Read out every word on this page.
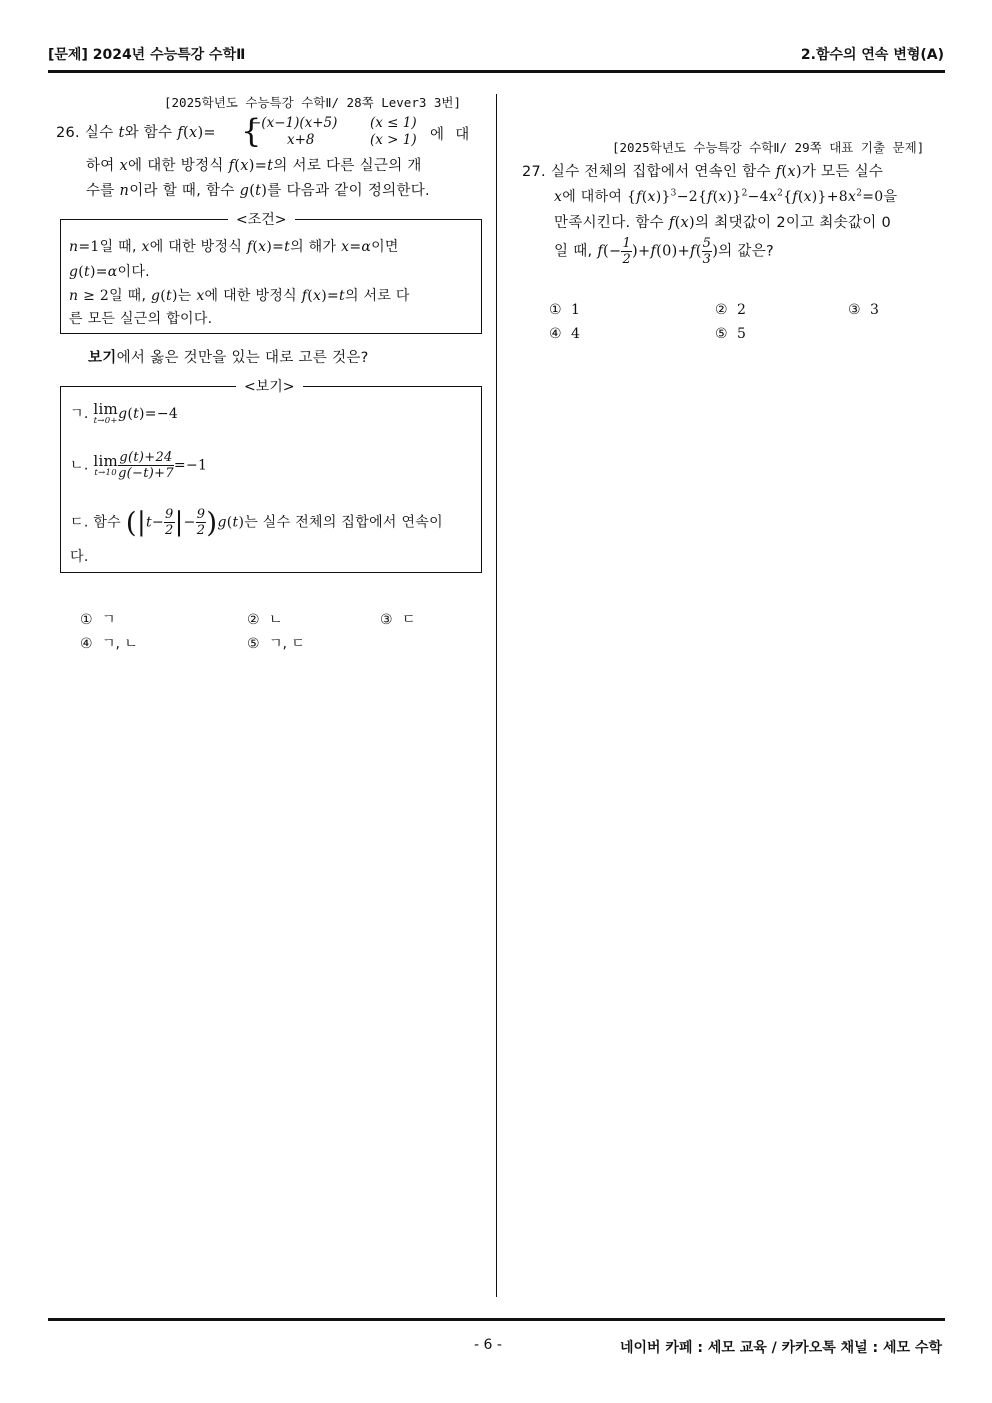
[문제] 2024년 수능특강 수학Ⅱ	2.함수의 연속 변형(A)
[2025학년도 수능특강 수학Ⅱ/ 28쪽 Lever3 3번]
26. 실수 t와 함수 f(x)= {
−(x−1)(x+5) (x ≤ 1)
x+8	(x > 1) 에 대
하여 x에 대한 방정식 f(x)=t의 서로 다른 실근의 개
수를 n이라 할 때, 함수 g(t)를 다음과 같이 정의한다.
<조건>
n=1일 때, x에 대한 방정식 f(x)=t의 해가 x=α이면
g(t)=α이다.
n ≥ 2일 때, g(t)는 x에 대한 방정식 f(x)=t의 서로 다
른 모든 실근의 합이다.
보기에서 옳은 것만을 있는 대로 고른 것은?
<보기>
ㄱ. lim
t→0+ g(t)=−4
ㄴ. lim
$t\to 10 \frac{g(t)+24}{g(-t)+7} =-1$
ㄷ. 함수 ($|t- \frac{9}{2}$ |− $\frac{9}{2} )g(t)$는 실수 전체의 집합에서 연속이
다.
① ㄱ	② ㄴ	③ ㄷ
④ ㄱ, ㄴ	⑤ ㄱ, ㄷ
[2025학년도 수능특강 수학Ⅱ/ 29쪽 대표 기출 문제]
27. 실수 전체의 집합에서 연속인 함수 f(x)가 모든 실수
x에 대하여 $\{f(x)\}^3-2\{f(x)\}^2-4x^2\{f(x)\}+8x^2=0$을
만족시킨다. 함수 f(x)의 최댓값이 2이고 최솟값이 0
일 때, $f(- \frac{1}{2} )+f(0)+f( \frac{5}{3}$ )의 값은?
① 1	② 2	③ 3
④ 4	⑤ 5
- 6 -	네이버 카페 : 세모 교육 / 카카오톡 채널 : 세모 수학
